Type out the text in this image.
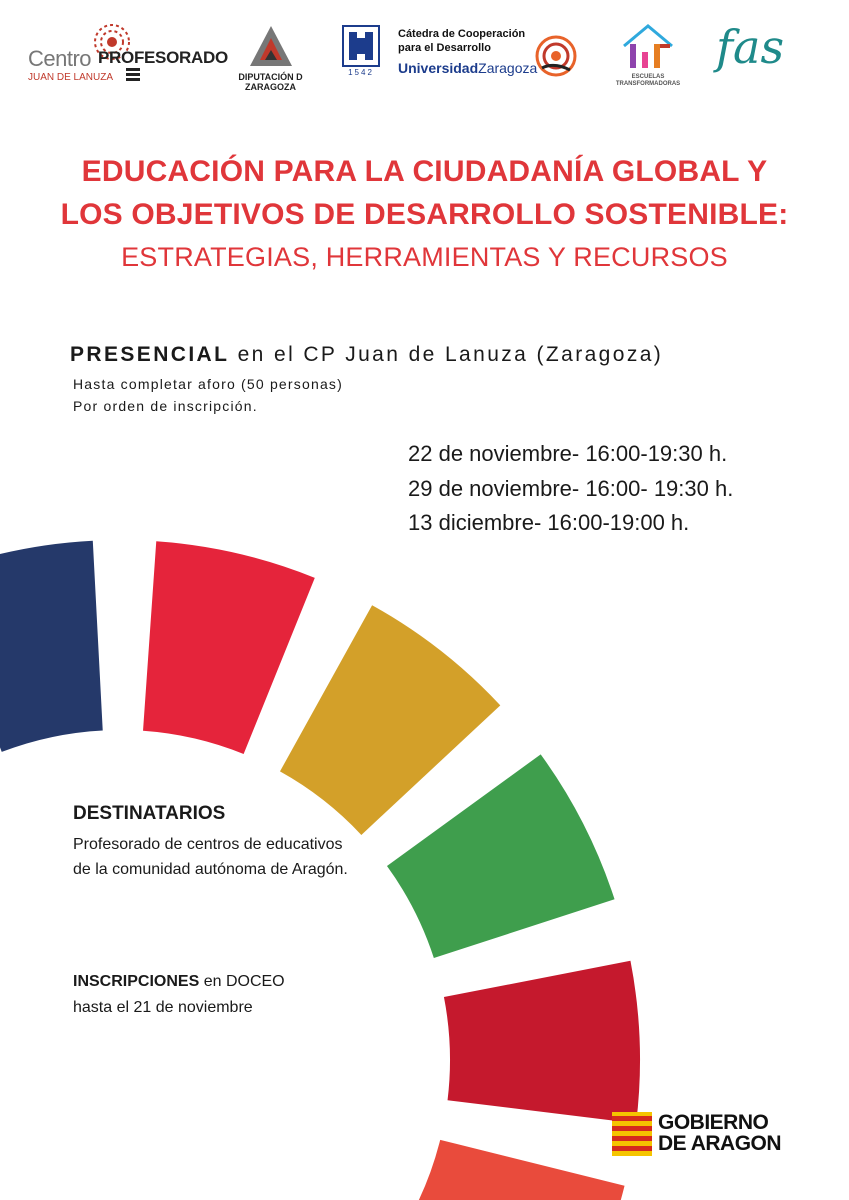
Centro PROFESORADO
JUAN DE LANUZA	DIPUTACIÓN D ZARAGOZA
1542
Cátedra de Cooperación
para el Desarrollo
UniversidadZaragoza
ESCUELAS
TRANSFORMADORAS
fas
EDUCACIÓN PARA LA CIUDADANÍA GLOBAL Y
LOS OBJETIVOS DE DESARROLLO SOSTENIBLE:
ESTRATEGIAS, HERRAMIENTAS Y RECURSOS
PRESENCIAL en el CP Juan de Lanuza (Zaragoza)
Hasta completar aforo (50 personas)
Por orden de inscripción.
22 de noviembre- 16:00-19:30 h.
29 de noviembre- 16:00- 19:30 h.
13 diciembre- 16:00-19:00 h.
DESTINATARIOS
Profesorado de centros de educativos
de la comunidad autónoma de Aragón.
INSCRIPCIONES en DOCEO
hasta el 21 de noviembre
GOBIERNO
DE ARAGON
